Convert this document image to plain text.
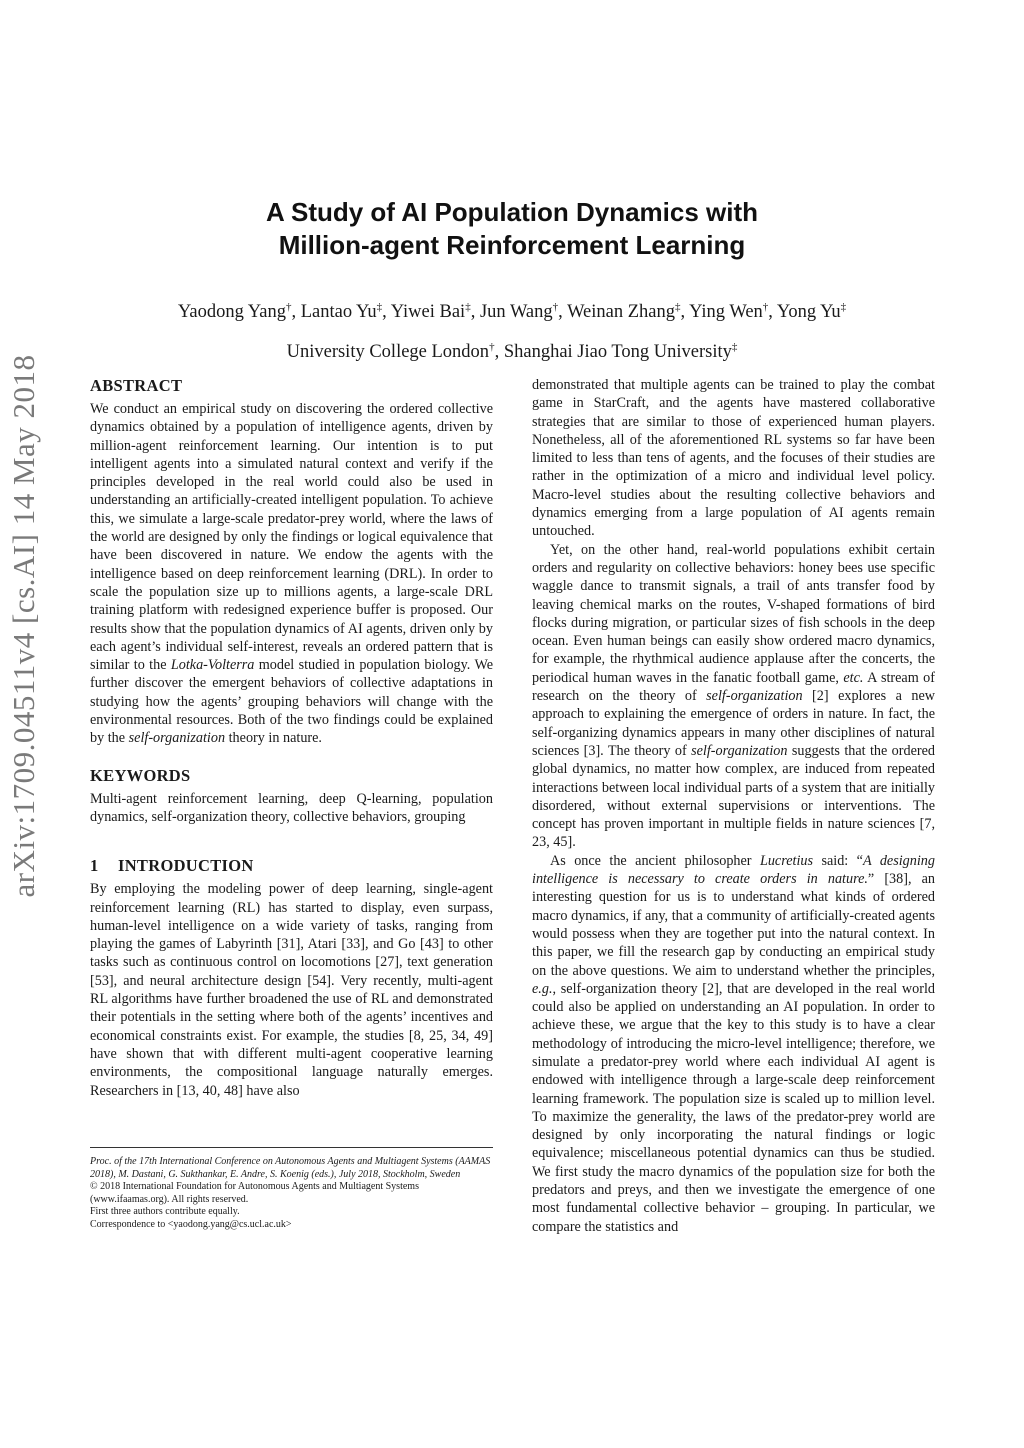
arXiv:1709.04511v4 [cs.AI] 14 May 2018
A Study of AI Population Dynamics with
Million-agent Reinforcement Learning
Yaodong Yang†, Lantao Yu‡, Yiwei Bai‡, Jun Wang†, Weinan Zhang‡, Ying Wen†, Yong Yu‡
University College London†, Shanghai Jiao Tong University‡
ABSTRACT

We conduct an empirical study on discovering the ordered collective dynamics obtained by a population of intelligence agents, driven by million-agent reinforcement learning. Our intention is to put intelligent agents into a simulated natural context and verify if the principles developed in the real world could also be used in understanding an artificially-created intelligent population. To achieve this, we simulate a large-scale predator-prey world, where the laws of the world are designed by only the findings or logical equivalence that have been discovered in nature. We endow the agents with the intelligence based on deep reinforcement learning (DRL). In order to scale the population size up to millions agents, a large-scale DRL training platform with redesigned experience buffer is proposed. Our results show that the population dynamics of AI agents, driven only by each agent’s individual self-interest, reveals an ordered pattern that is similar to the Lotka-Volterra model studied in population biology. We further discover the emergent behaviors of collective adaptations in studying how the agents’ grouping behaviors will change with the environmental resources. Both of the two findings could be explained by the self-organization theory in nature.

KEYWORDS

Multi-agent reinforcement learning, deep Q-learning, population dynamics, self-organization theory, collective behaviors, grouping

1 INTRODUCTION

By employing the modeling power of deep learning, single-agent reinforcement learning (RL) has started to display, even surpass, human-level intelligence on a wide variety of tasks, ranging from playing the games of Labyrinth [31], Atari [33], and Go [43] to other tasks such as continuous control on locomotions [27], text generation [53], and neural architecture design [54]. Very recently, multi-agent RL algorithms have further broadened the use of RL and demonstrated their potentials in the setting where both of the agents’ incentives and economical constraints exist. For example, the studies [8, 25, 34, 49] have shown that with different multi-agent cooperative learning environments, the compositional language naturally emerges. Researchers in [13, 40, 48] have also

Proc. of the 17th International Conference on Autonomous Agents and Multiagent Systems (AAMAS 2018), M. Dastani, G. Sukthankar, E. Andre, S. Koenig (eds.), July 2018, Stockholm, Sweden

© 2018 International Foundation for Autonomous Agents and Multiagent Systems (www.ifaamas.org). All rights reserved.

First three authors contribute equally.

Correspondence to <yaodong.yang@cs.ucl.ac.uk>

demonstrated that multiple agents can be trained to play the combat game in StarCraft, and the agents have mastered collaborative strategies that are similar to those of experienced human players. Nonetheless, all of the aforementioned RL systems so far have been limited to less than tens of agents, and the focuses of their studies are rather in the optimization of a micro and individual level policy. Macro-level studies about the resulting collective behaviors and dynamics emerging from a large population of AI agents remain untouched.

Yet, on the other hand, real-world populations exhibit certain orders and regularity on collective behaviors: honey bees use specific waggle dance to transmit signals, a trail of ants transfer food by leaving chemical marks on the routes, V-shaped formations of bird flocks during migration, or particular sizes of fish schools in the deep ocean. Even human beings can easily show ordered macro dynamics, for example, the rhythmical audience applause after the concerts, the periodical human waves in the fanatic football game, etc. A stream of research on the theory of self-organization [2] explores a new approach to explaining the emergence of orders in nature. In fact, the self-organizing dynamics appears in many other disciplines of natural sciences [3]. The theory of self-organization suggests that the ordered global dynamics, no matter how complex, are induced from repeated interactions between local individual parts of a system that are initially disordered, without external supervisions or interventions. The concept has proven important in multiple fields in nature sciences [7, 23, 45].

As once the ancient philosopher Lucretius said: “A designing intelligence is necessary to create orders in nature.” [38], an interesting question for us is to understand what kinds of ordered macro dynamics, if any, that a community of artificially-created agents would possess when they are together put into the natural context. In this paper, we fill the research gap by conducting an empirical study on the above questions. We aim to understand whether the principles, e.g., self-organization theory [2], that are developed in the real world could also be applied on understanding an AI population. In order to achieve these, we argue that the key to this study is to have a clear methodology of introducing the micro-level intelligence; therefore, we simulate a predator-prey world where each individual AI agent is endowed with intelligence through a large-scale deep reinforcement learning framework. The population size is scaled up to million level. To maximize the generality, the laws of the predator-prey world are designed by only incorporating the natural findings or logic equivalence; miscellaneous potential dynamics can thus be studied. We first study the macro dynamics of the population size for both the predators and preys, and then we investigate the emergence of one most fundamental collective behavior – grouping. In particular, we compare the statistics and
